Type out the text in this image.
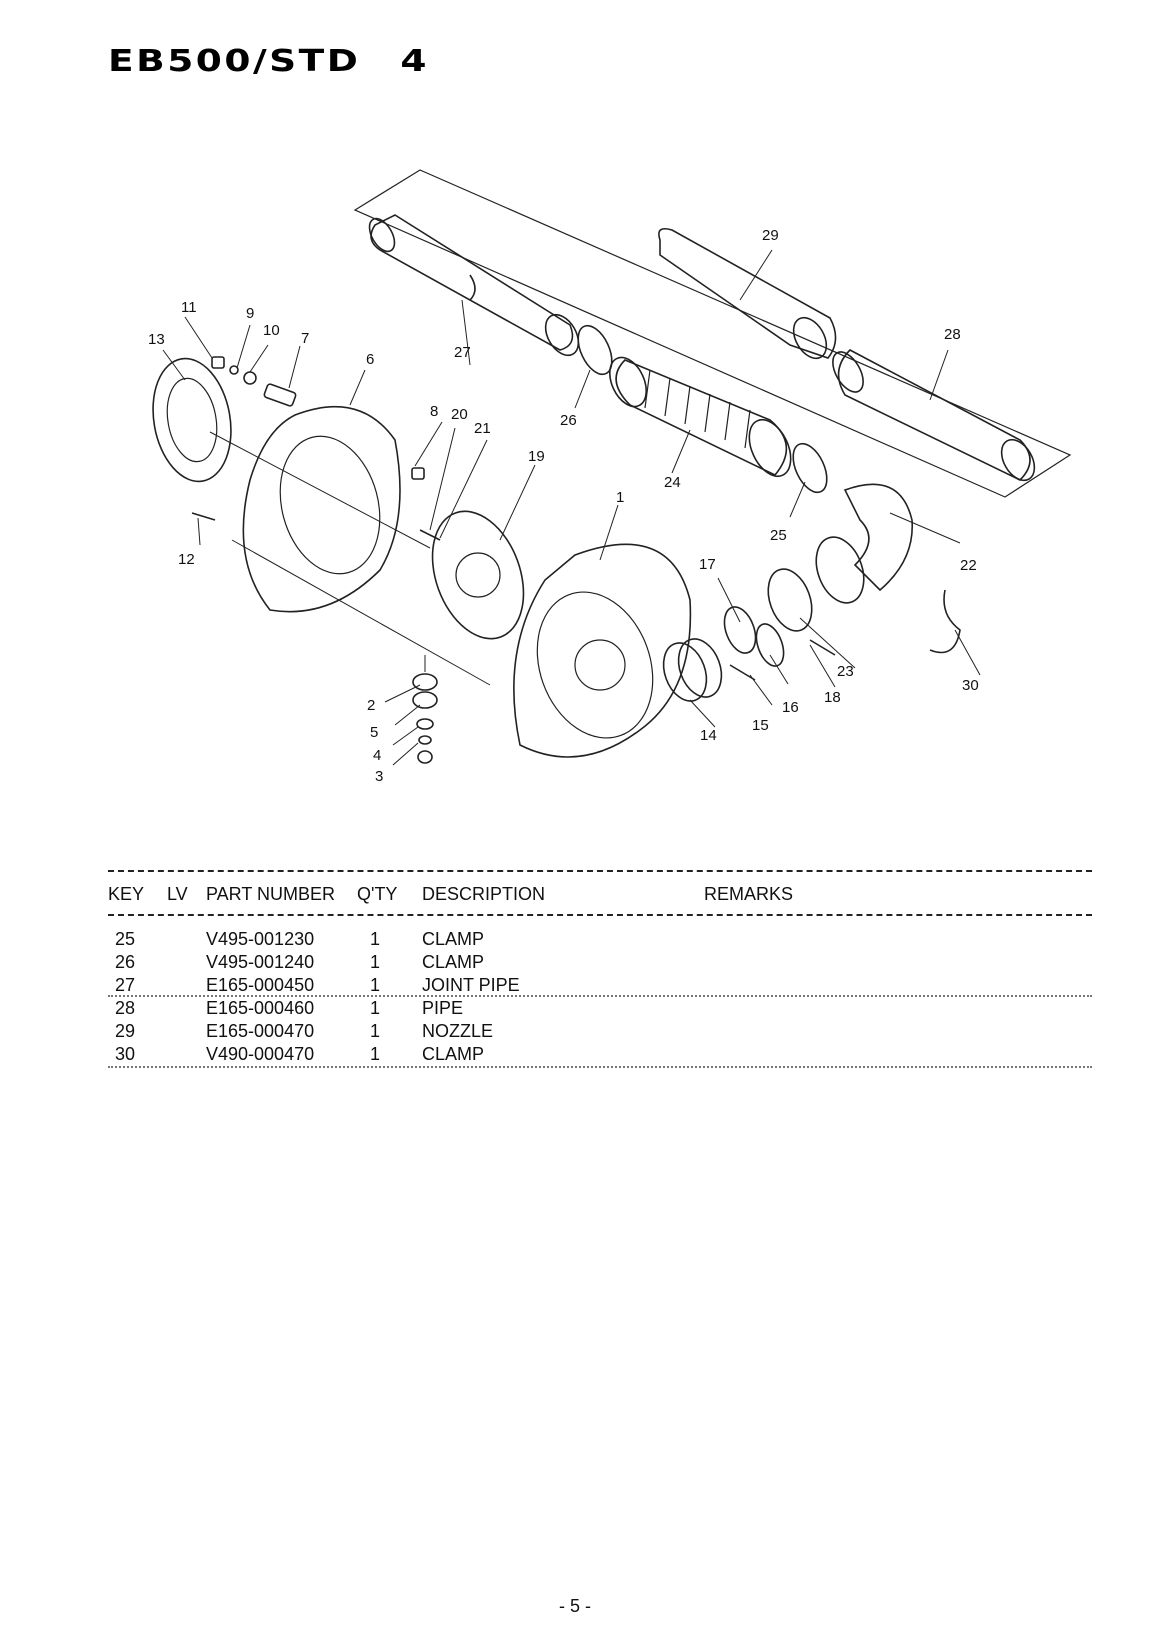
EB500/STD 4
1
2
3
4
5
6
7
8
9
10
11
12
13
14
15
16
17
18
19
20
21
22
23
24
25
26
27
28
29
30
KEY LV PART NUMBER Q'TY DESCRIPTION	REMARKS
25	V495-001230	1 CLAMP
26	V495-001240	1 CLAMP
27	E165-000450	1 JOINT PIPE
28	E165-000460	1 PIPE
29	E165-000470	1 NOZZLE
30	V490-000470	1 CLAMP
- 5 -
